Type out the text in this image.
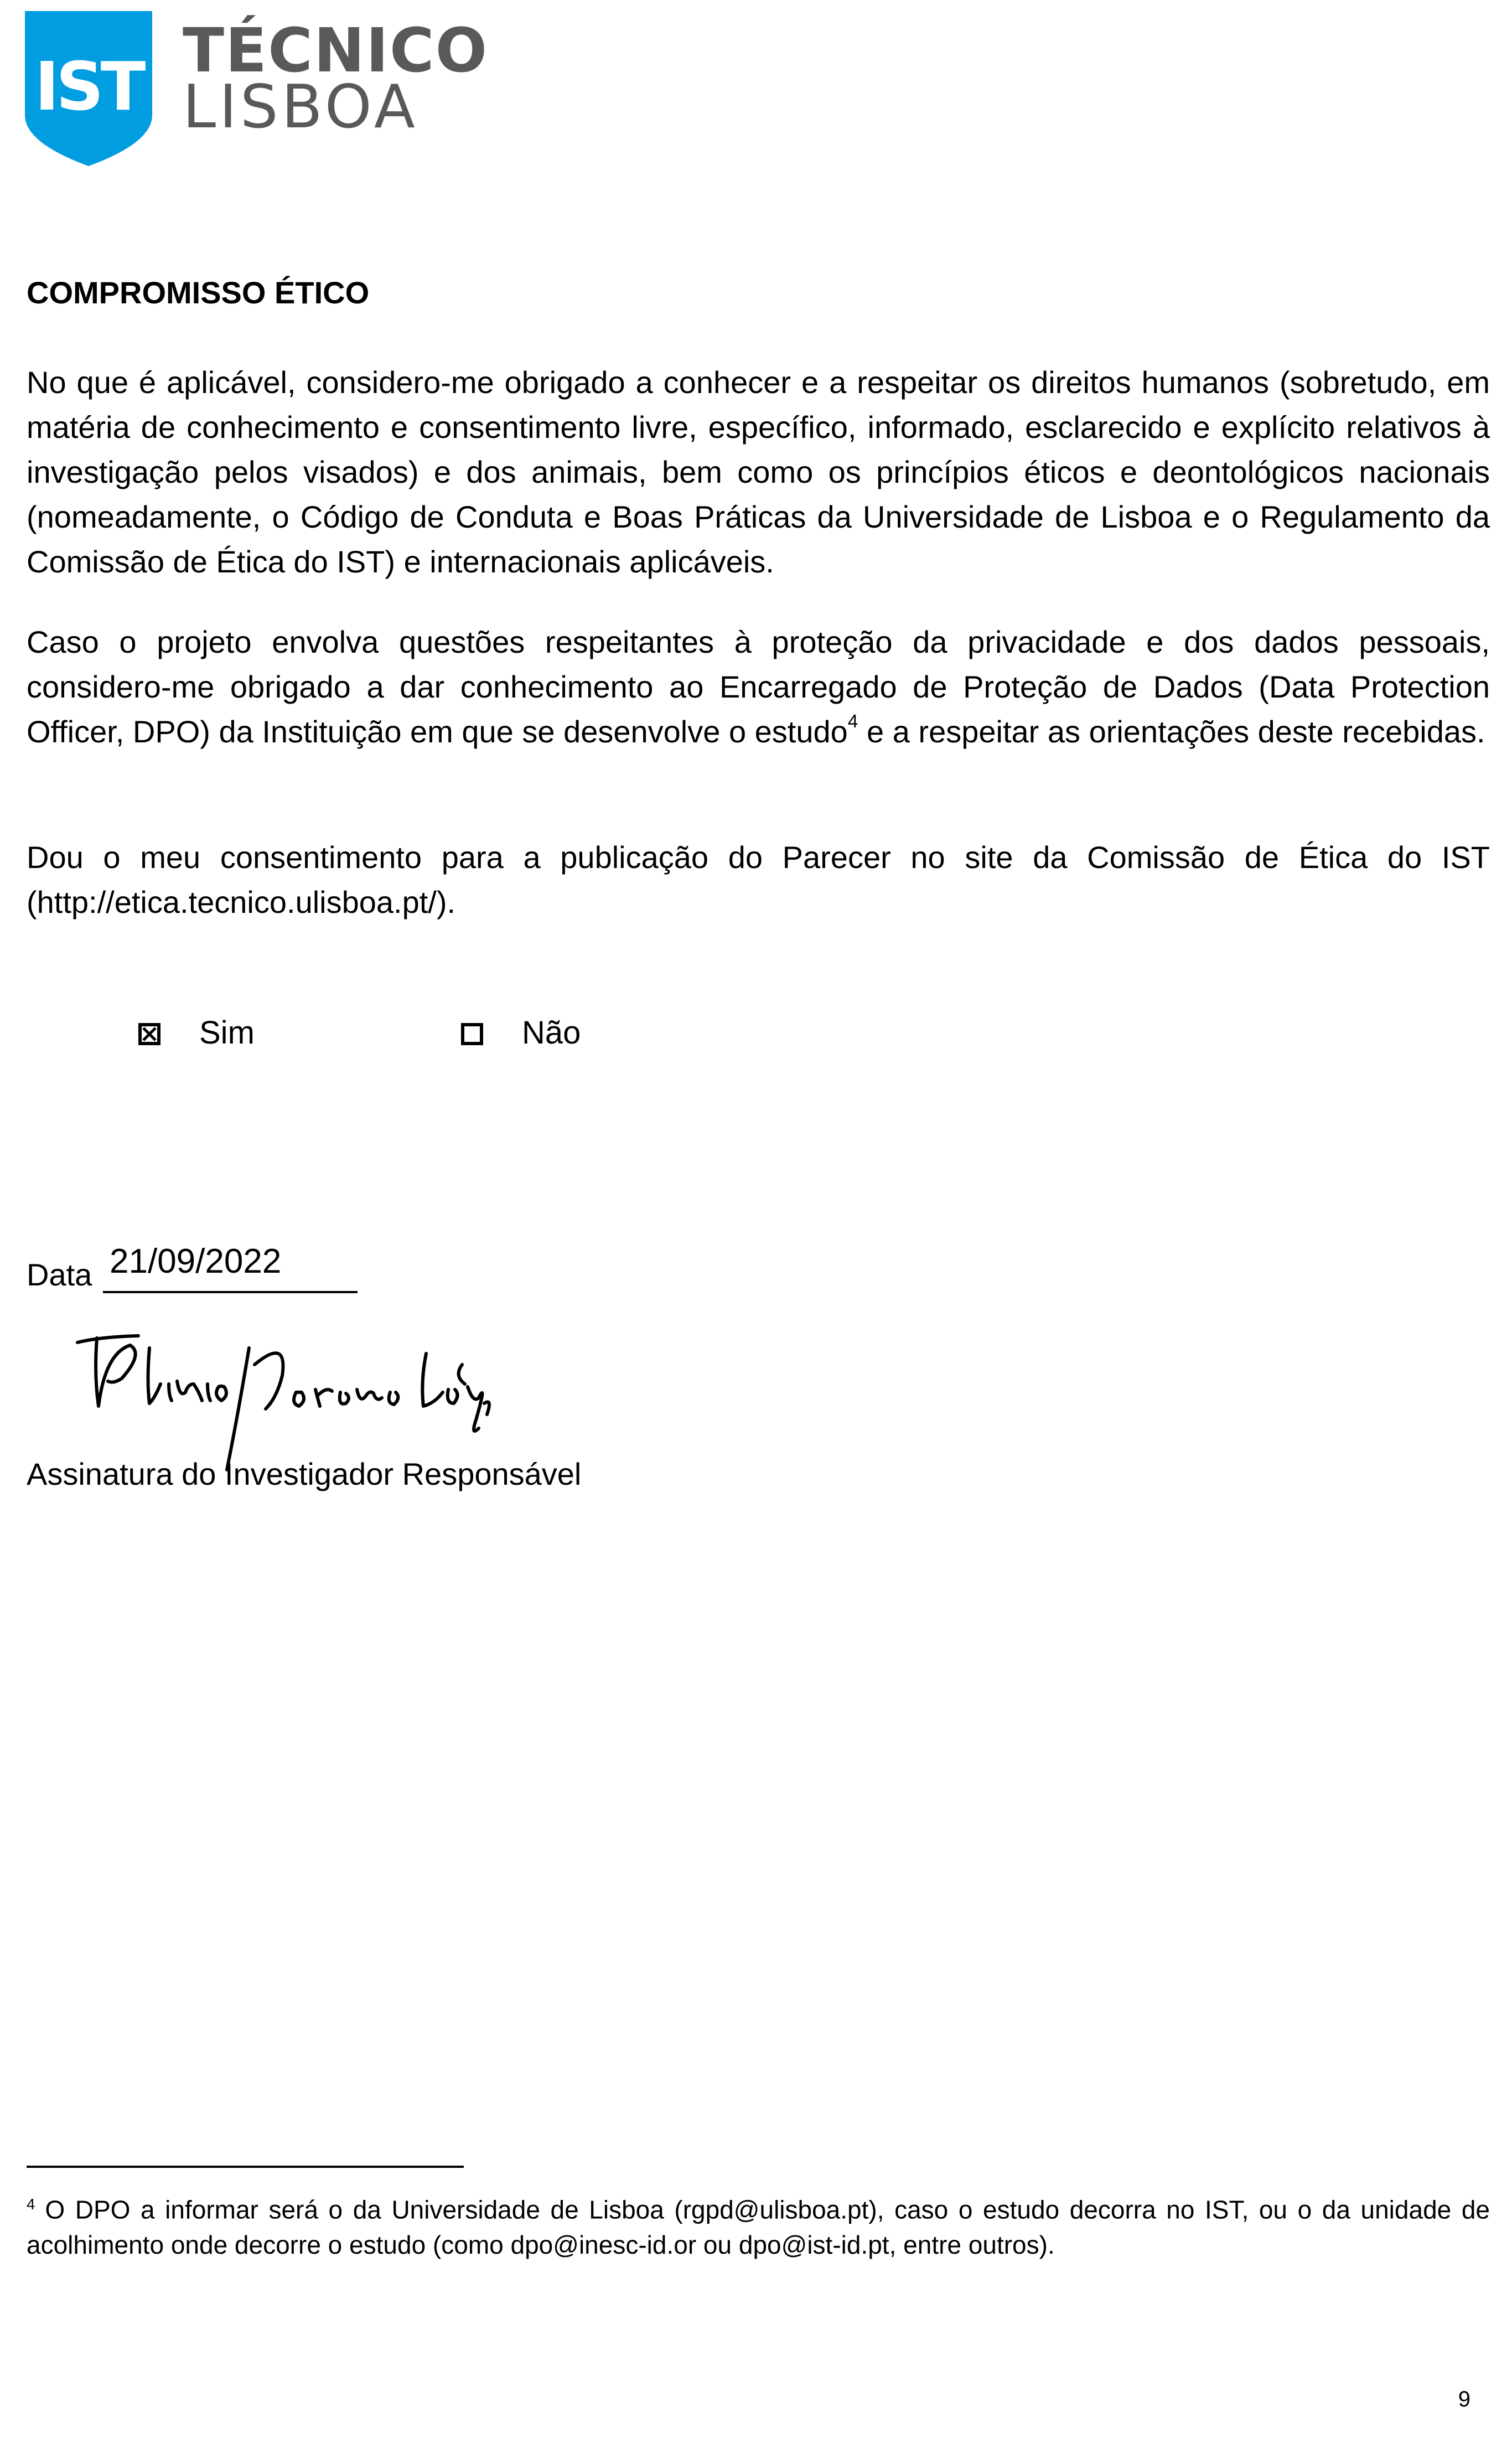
IST TÉCNICO
LISBOA
COMPROMISSO ÉTICO
No que é aplicável, considero-me obrigado a conhecer e a respeitar os direitos humanos (sobretudo, em matéria de conhecimento e consentimento livre, específico, informado, esclarecido e explícito relativos à investigação pelos visados) e dos animais, bem como os princípios éticos e deontológicos nacionais (nomeadamente, o Código de Conduta e Boas Práticas da Universidade de Lisboa e o Regulamento da Comissão de Ética do IST) e internacionais aplicáveis.
Caso o projeto envolva questões respeitantes à proteção da privacidade e dos dados pessoais, considero-me obrigado a dar conhecimento ao Encarregado de Proteção de Dados (Data Protection Officer, DPO) da Instituição em que se desenvolve o estudo$^4$ e a respeitar as orientações deste recebidas.
Dou o meu consentimento para a publicação do Parecer no site da Comissão de Ética do IST (http://etica.tecnico.ulisboa.pt/).
Sim	Não
Data 21/09/2022
Assinatura do Investigador Responsável
$^4$ O DPO a informar será o da Universidade de Lisboa (rgpd@ulisboa.pt), caso o estudo decorra no IST, ou o da unidade de acolhimento onde decorre o estudo (como dpo@inesc-id.or ou dpo@ist-id.pt, entre outros).
9
